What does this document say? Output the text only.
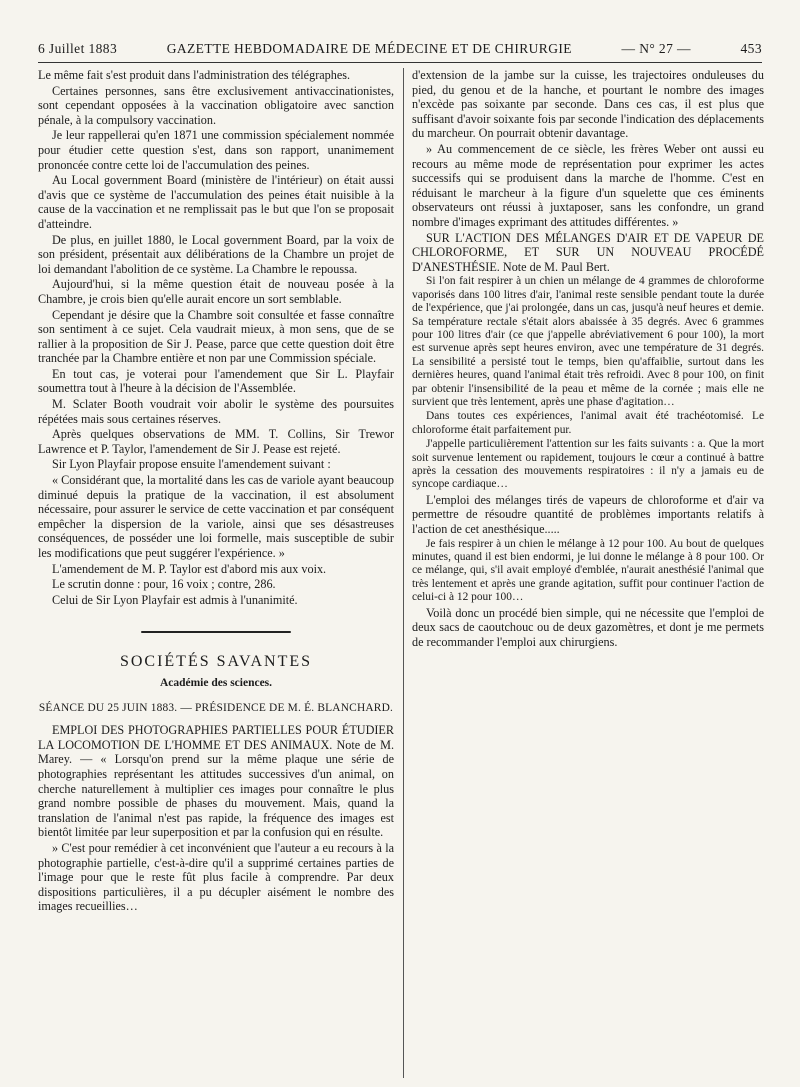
6 Juillet 1883	GAZETTE HEBDOMADAIRE DE MÉDECINE ET DE CHIRURGIE	— N° 27 —	453

Le même fait s'est produit dans l'administration des télégraphes.

Certaines personnes, sans être exclusivement antivaccinationistes, sont cependant opposées à la vaccination obligatoire avec sanction pénale, à la compulsory vaccination.

Je leur rappellerai qu'en 1871 une commission spécialement nommée pour étudier cette question s'est, dans son rapport, unanimement prononcée contre cette loi de l'accumulation des peines.

Au Local government Board (ministère de l'intérieur) on était aussi d'avis que ce système de l'accumulation des peines était nuisible à la cause de la vaccination et ne remplissait pas le but que l'on se proposait d'atteindre.

De plus, en juillet 1880, le Local government Board, par la voix de son président, présentait aux délibérations de la Chambre un projet de loi demandant l'abolition de ce système. La Chambre le repoussa.

Aujourd'hui, si la même question était de nouveau posée à la Chambre, je crois bien qu'elle aurait encore un sort semblable.

Cependant je désire que la Chambre soit consultée et fasse connaître son sentiment à ce sujet. Cela vaudrait mieux, à mon sens, que de se rallier à la proposition de Sir J. Pease, parce que cette question doit être tranchée par la Chambre entière et non par une Commission spéciale.

En tout cas, je voterai pour l'amendement que Sir L. Playfair soumettra tout à l'heure à la décision de l'Assemblée.

M. Sclater Booth voudrait voir abolir le système des poursuites répétées mais sous certaines réserves.

Après quelques observations de MM. T. Collins, Sir Trewor Lawrence et P. Taylor, l'amendement de Sir J. Pease est rejeté.

Sir Lyon Playfair propose ensuite l'amendement suivant :

« Considérant que, la mortalité dans les cas de variole ayant beaucoup diminué depuis la pratique de la vaccination, il est absolument nécessaire, pour assurer le service de cette vaccination et par conséquent empêcher la dispersion de la variole, ainsi que ses désastreuses conséquences, de posséder une loi formelle, mais susceptible de subir les modifications que peut suggérer l'expérience. »

L'amendement de M. P. Taylor est d'abord mis aux voix.

Le scrutin donne : pour, 16 voix ; contre, 286.

Celui de Sir Lyon Playfair est admis à l'unanimité.

SOCIÉTÉS SAVANTES
Académie des sciences.
SÉANCE DU 25 JUIN 1883. — PRÉSIDENCE DE M. É. BLANCHARD.

EMPLOI DES PHOTOGRAPHIES PARTIELLES POUR ÉTUDIER LA LOCOMOTION DE L'HOMME ET DES ANIMAUX. Note de M. Marey. — « Lorsqu'on prend sur la même plaque une série de photographies représentant les attitudes successives d'un animal, on cherche naturellement à multiplier ces images pour connaître le plus grand nombre possible de phases du mouvement. Mais, quand la translation de l'animal n'est pas rapide, la fréquence des images est bientôt limitée par leur superposition et par la confusion qui en résulte.

» C'est pour remédier à cet inconvénient que l'auteur a eu recours à la photographie partielle, c'est-à-dire qu'il a supprimé certaines parties de l'image pour que le reste fût plus facile à comprendre. Par deux dispositions particulières, il a pu décupler aisément le nombre des images recueillies…

d'extension de la jambe sur la cuisse, les trajectoires onduleuses du pied, du genou et de la hanche, et pourtant le nombre des images n'excède pas soixante par seconde. Dans ces cas, il est plus que suffisant d'avoir soixante fois par seconde l'indication des déplacements du marcheur. On pourrait obtenir davantage.

» Au commencement de ce siècle, les frères Weber ont aussi eu recours au même mode de représentation pour exprimer les actes successifs qui se produisent dans la marche de l'homme. C'est en réduisant le marcheur à la figure d'un squelette que ces éminents observateurs ont réussi à juxtaposer, sans les confondre, un grand nombre d'images exprimant des attitudes différentes. »

SUR L'ACTION DES MÉLANGES D'AIR ET DE VAPEUR DE CHLOROFORME, ET SUR UN NOUVEAU PROCÉDÉ D'ANESTHÉSIE. Note de M. Paul Bert.

Si l'on fait respirer à un chien un mélange de 4 grammes de chloroforme vaporisés dans 100 litres d'air, l'animal reste sensible pendant toute la durée de l'expérience, que j'ai prolongée, dans un cas, jusqu'à neuf heures et demie. Sa température rectale s'était alors abaissée à 35 degrés. Avec 6 grammes pour 100 litres d'air (ce que j'appelle abréviativement 6 pour 100), la mort est survenue après sept heures environ, avec une température de 31 degrés. La sensibilité a persisté tout le temps, bien qu'affaiblie, surtout dans les dernières heures, quand l'animal était très refroidi. Avec 8 pour 100, on finit par obtenir l'insensibilité de la peau et même de la cornée ; mais elle ne survient que très lentement, après une phase d'agitation…

Dans toutes ces expériences, l'animal avait été trachéotomisé. Le chloroforme était parfaitement pur.

J'appelle particulièrement l'attention sur les faits suivants : a. Que la mort soit survenue lentement ou rapidement, toujours le cœur a continué à battre après la cessation des mouvements respiratoires : il n'y a jamais eu de syncope cardiaque…

L'emploi des mélanges tirés de vapeurs de chloroforme et d'air va permettre de résoudre quantité de problèmes importants relatifs à l'action de cet anesthésique.....

Je fais respirer à un chien le mélange à 12 pour 100. Au bout de quelques minutes, quand il est bien endormi, je lui donne le mélange à 8 pour 100. Or ce mélange, qui, s'il avait employé d'emblée, n'aurait anesthésié l'animal que très lentement et après une grande agitation, suffit pour continuer l'action de celui-ci à 12 pour 100…

Voilà donc un procédé bien simple, qui ne nécessite que l'emploi de deux sacs de caoutchouc ou de deux gazomètres, et dont je me permets de recommander l'emploi aux chirurgiens.
